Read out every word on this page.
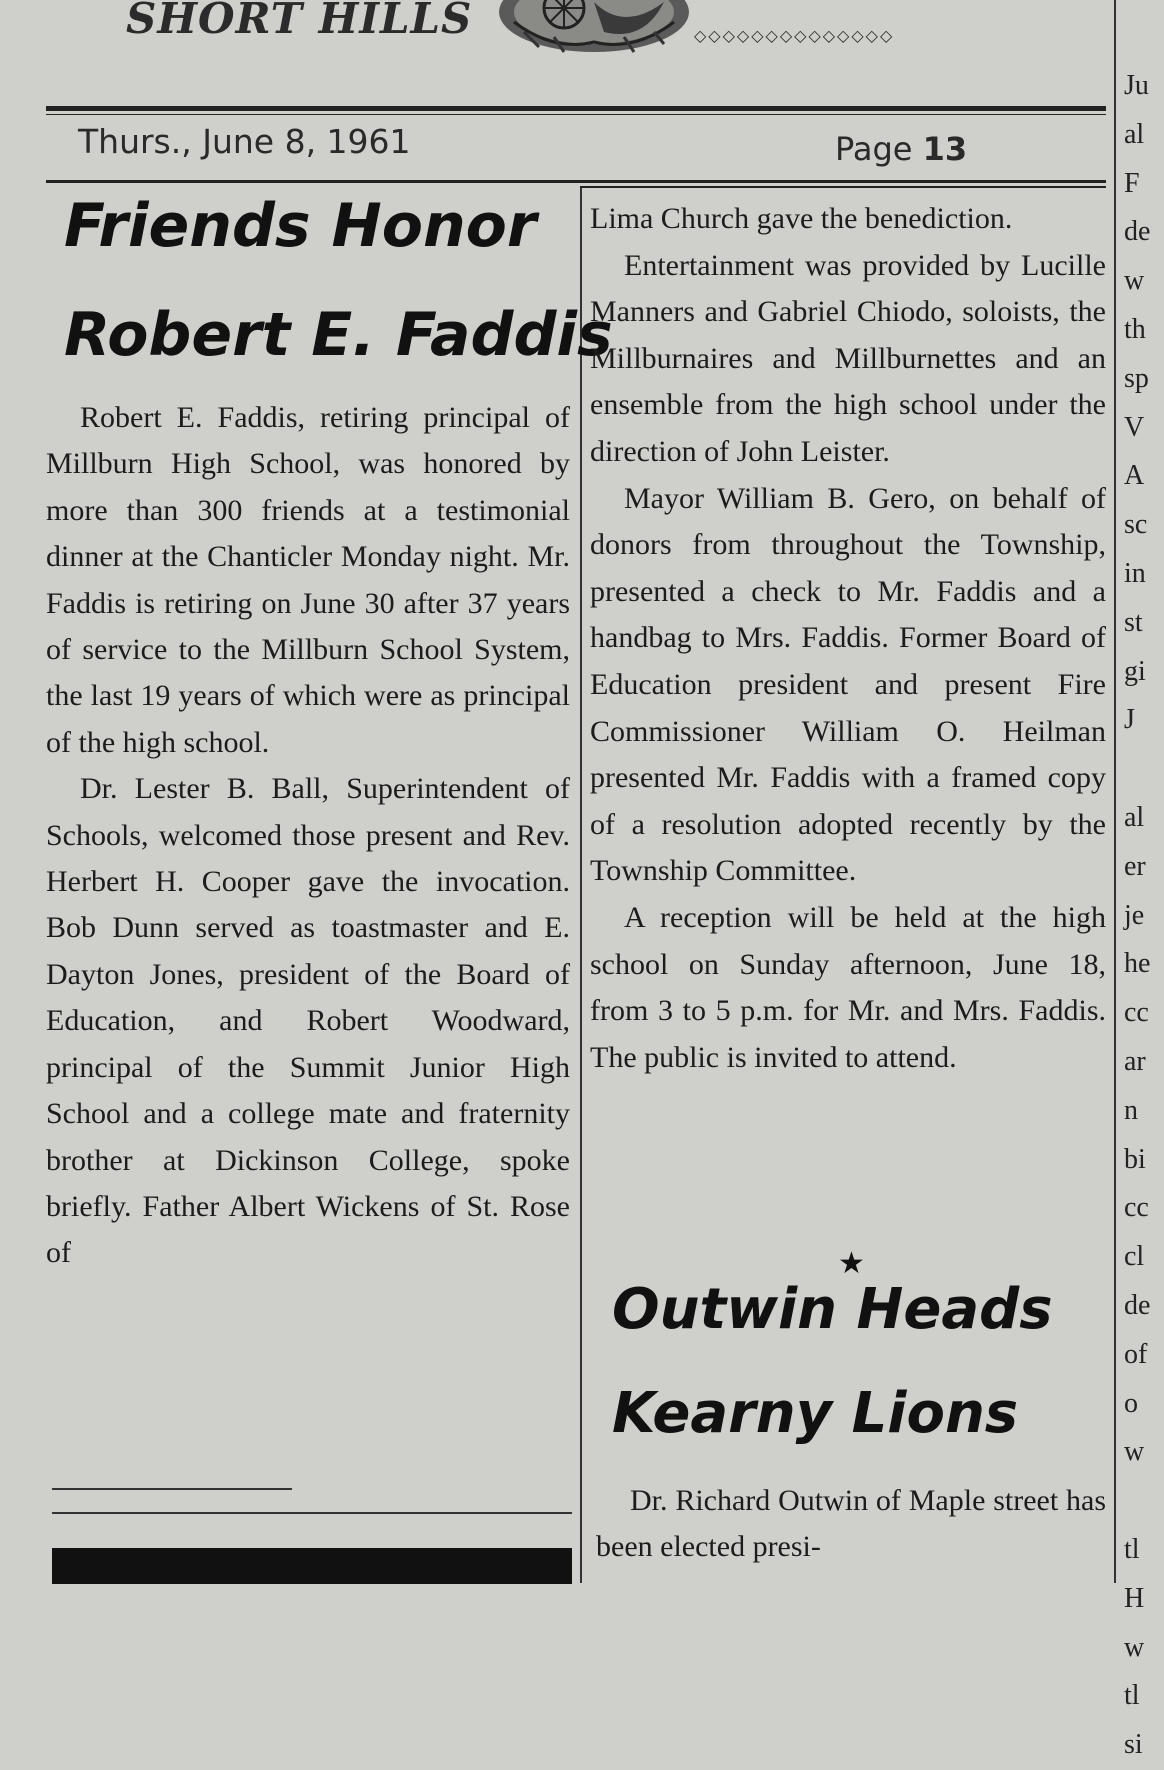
SHORT HILLS	◇◇◇◇◇◇◇◇◇◇◇◇◇◇
Thurs., June 8, 1961	Page 13
Friends Honor
Robert E. Faddis

Robert E. Faddis, retiring principal of Millburn High School, was honored by more than 300 friends at a testimonial dinner at the Chanticler Monday night. Mr. Faddis is retiring on June 30 after 37 years of service to the Millburn School System, the last 19 years of which were as principal of the high school.

Dr. Lester B. Ball, Superintendent of Schools, welcomed those present and Rev. Herbert H. Cooper gave the invocation. Bob Dunn served as toastmaster and E. Dayton Jones, president of the Board of Education, and Robert Woodward, principal of the Summit Junior High School and a college mate and fraternity brother at Dickinson College, spoke briefly. Father Albert Wickens of St. Rose of

Lima Church gave the benediction.

Entertainment was provided by Lucille Manners and Gabriel Chiodo, soloists, the Millburnaires and Millburnettes and an ensemble from the high school under the direction of John Leister.

Mayor William B. Gero, on behalf of donors from throughout the Township, presented a check to Mr. Faddis and a handbag to Mrs. Faddis. Former Board of Education president and present Fire Commissioner William O. Heilman presented Mr. Faddis with a framed copy of a resolution adopted recently by the Township Committee.

A reception will be held at the high school on Sunday afternoon, June 18, from 3 to 5 p.m. for Mr. and Mrs. Faddis. The public is invited to attend.

★
Outwin Heads
Kearny Lions

Dr. Richard Outwin of Maple street has been elected presi-

Ju
al
F
de
w
th
sp
V
A
sc
in
st
gi
J

al
er
je
he
cc
ar
n
bi
cc
cl
de
of
o
w

tl
H
w
tl
si
